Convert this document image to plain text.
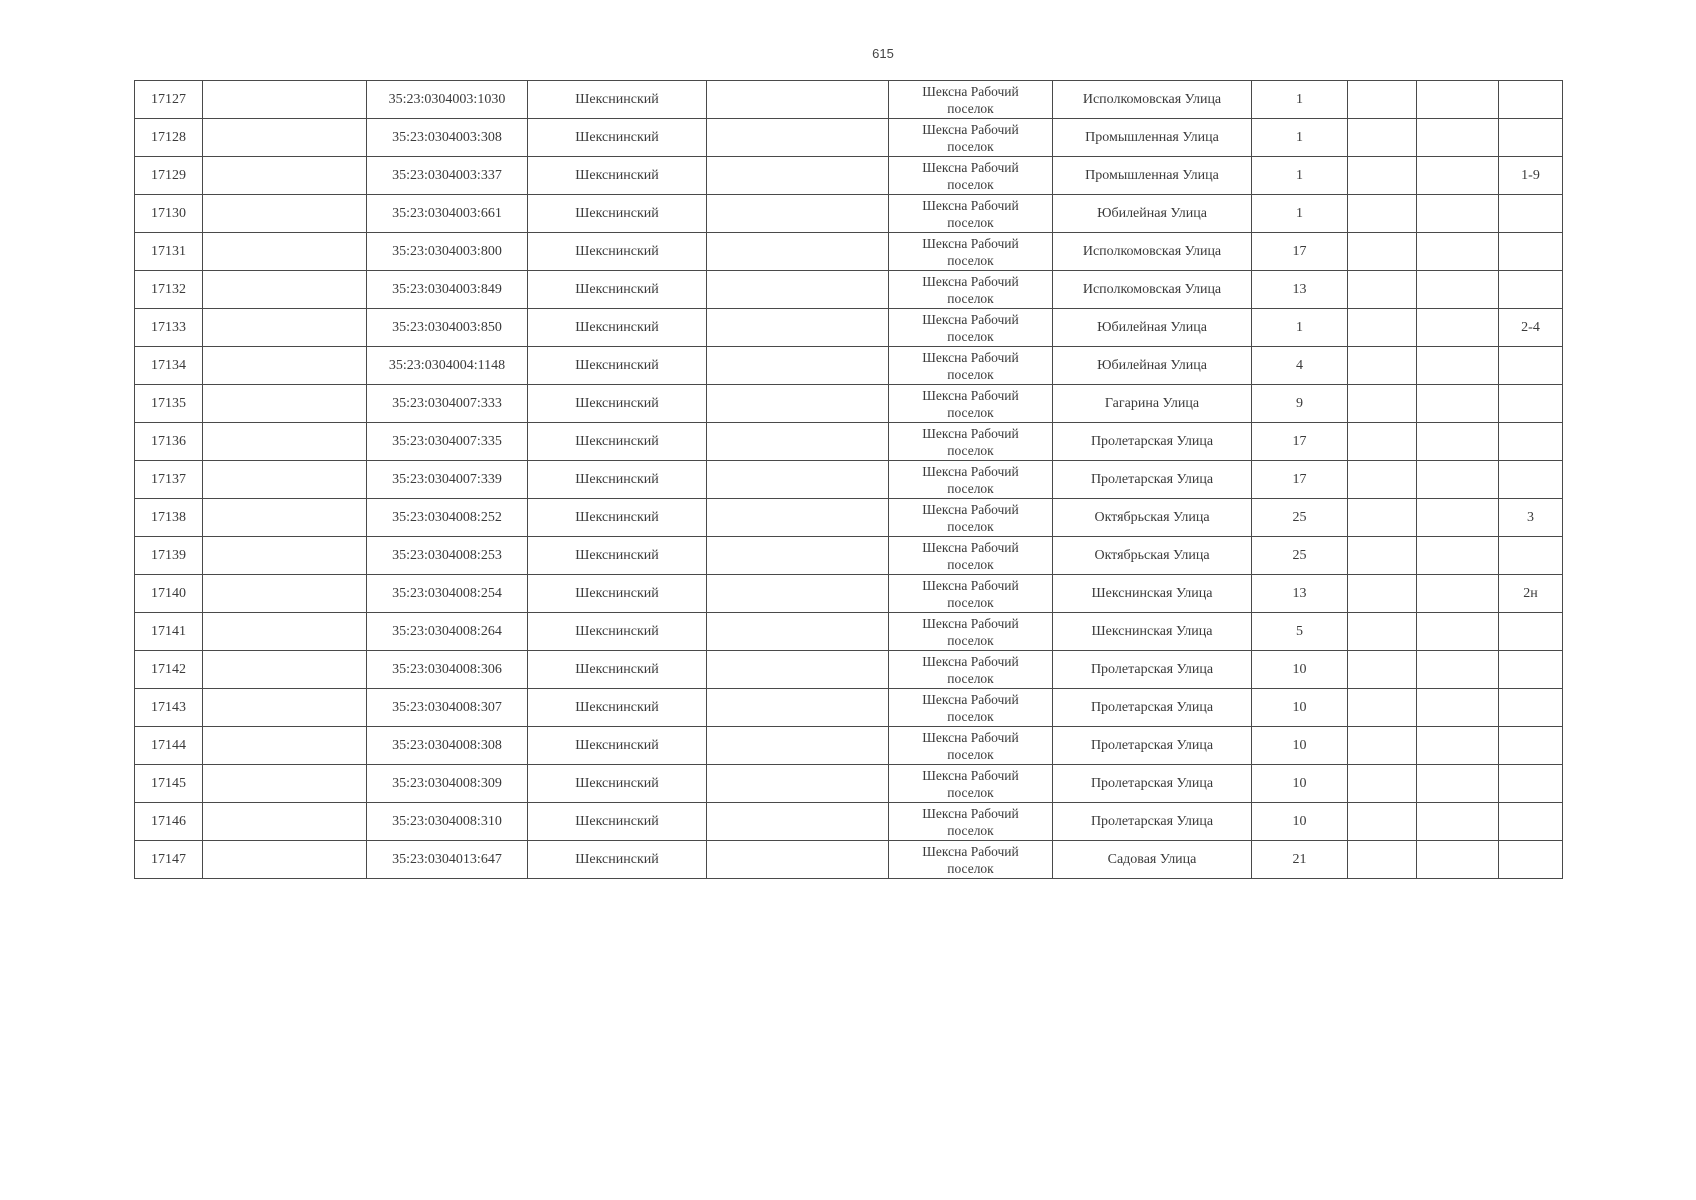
615
17127		35:23:0304003:1030	Шекснинский		Шексна Рабочий
поселок	Исполкомовская Улица	1			
17128		35:23:0304003:308	Шекснинский		Шексна Рабочий
поселок	Промышленная Улица	1			
17129		35:23:0304003:337	Шекснинский		Шексна Рабочий
поселок	Промышленная Улица	1			1-9
17130		35:23:0304003:661	Шекснинский		Шексна Рабочий
поселок	Юбилейная Улица	1			
17131		35:23:0304003:800	Шекснинский		Шексна Рабочий
поселок	Исполкомовская Улица	17			
17132		35:23:0304003:849	Шекснинский		Шексна Рабочий
поселок	Исполкомовская Улица	13			
17133		35:23:0304003:850	Шекснинский		Шексна Рабочий
поселок	Юбилейная Улица	1			2-4
17134		35:23:0304004:1148	Шекснинский		Шексна Рабочий
поселок	Юбилейная Улица	4			
17135		35:23:0304007:333	Шекснинский		Шексна Рабочий
поселок	Гагарина Улица	9			
17136		35:23:0304007:335	Шекснинский		Шексна Рабочий
поселок	Пролетарская Улица	17			
17137		35:23:0304007:339	Шекснинский		Шексна Рабочий
поселок	Пролетарская Улица	17			
17138		35:23:0304008:252	Шекснинский		Шексна Рабочий
поселок	Октябрьская Улица	25			3
17139		35:23:0304008:253	Шекснинский		Шексна Рабочий
поселок	Октябрьская Улица	25			
17140		35:23:0304008:254	Шекснинский		Шексна Рабочий
поселок	Шекснинская Улица	13			2н
17141		35:23:0304008:264	Шекснинский		Шексна Рабочий
поселок	Шекснинская Улица	5			
17142		35:23:0304008:306	Шекснинский		Шексна Рабочий
поселок	Пролетарская Улица	10			
17143		35:23:0304008:307	Шекснинский		Шексна Рабочий
поселок	Пролетарская Улица	10			
17144		35:23:0304008:308	Шекснинский		Шексна Рабочий
поселок	Пролетарская Улица	10			
17145		35:23:0304008:309	Шекснинский		Шексна Рабочий
поселок	Пролетарская Улица	10			
17146		35:23:0304008:310	Шекснинский		Шексна Рабочий
поселок	Пролетарская Улица	10			
17147		35:23:0304013:647	Шекснинский		Шексна Рабочий
поселок	Садовая Улица	21			
